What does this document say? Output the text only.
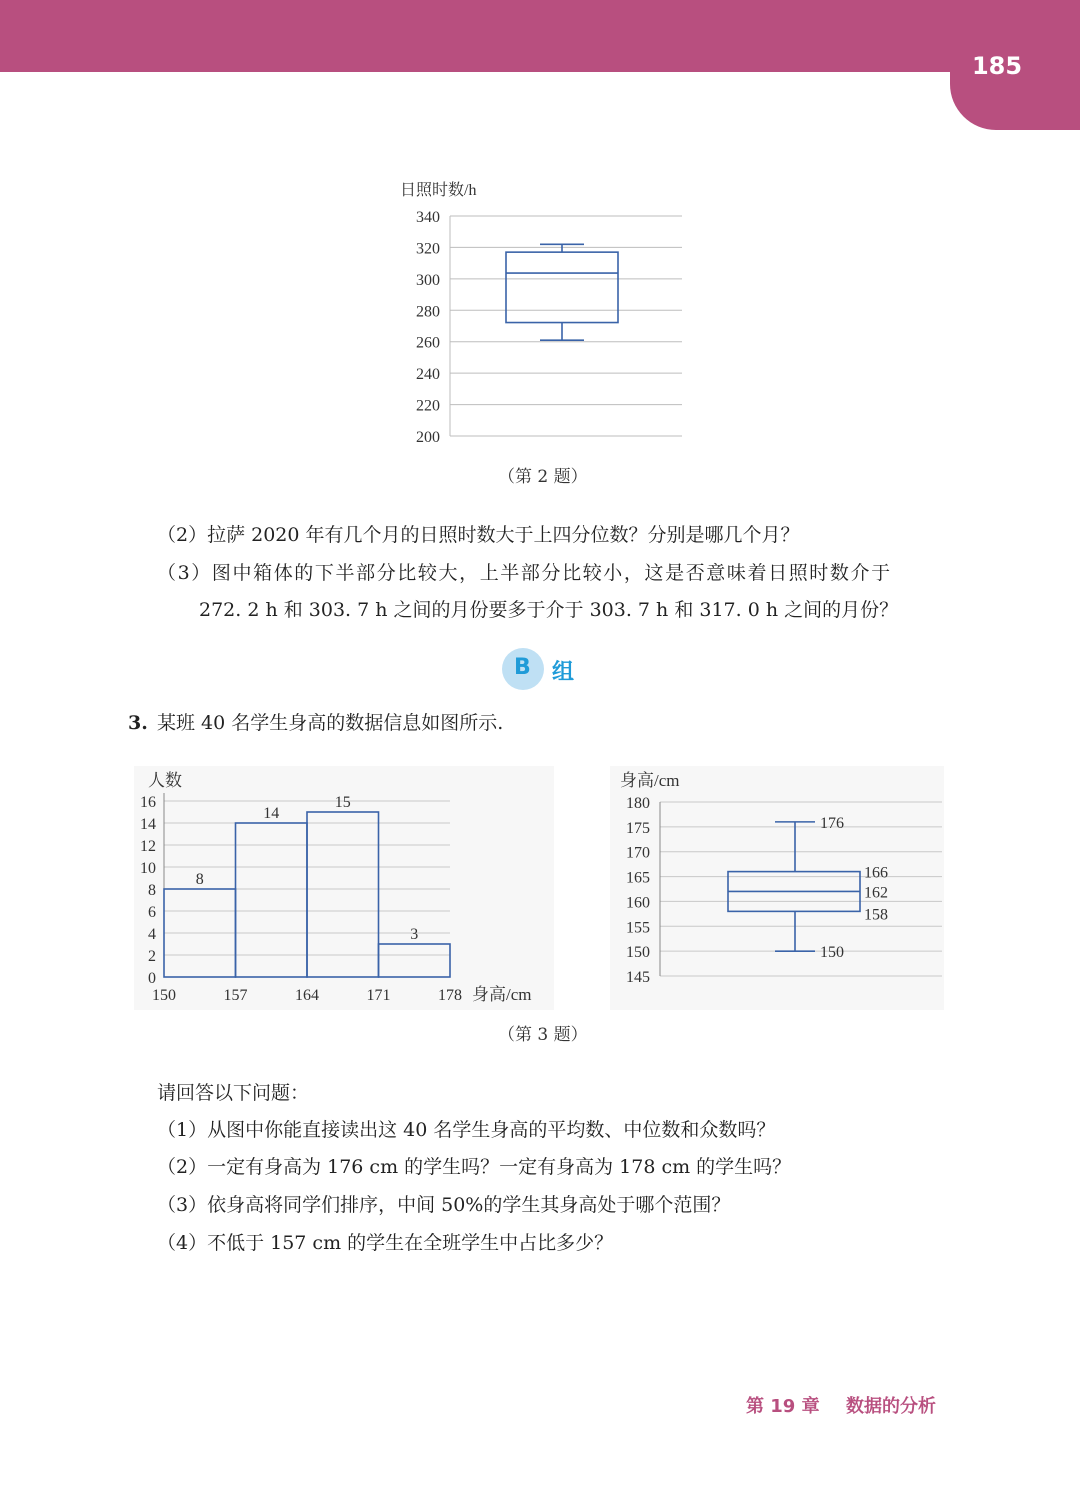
185
日照时数/h
200
220
240
260
280
300
320
340
（第 2 题）
（2）拉萨 2020 年有几个月的日照时数大于上四分位数？分别是哪几个月？
（3）图中箱体的下半部分比较大，上半部分比较小，这是否意味着日照时数介于
272. 2 h 和 303. 7 h 之间的月份要多于介于 303. 7 h 和 317. 0 h 之间的月份？
B 组
3. 某班 40 名学生身高的数据信息如图所示.
人数
身高/cm
16
14
12
10
8
6
4
2
0
8
14
15
3
150	157	164	171	178
身高/cm
145
150
155
160
165
170
175
180
176
166
162
158
150
（第 3 题）
请回答以下问题：
（1）从图中你能直接读出这 40 名学生身高的平均数、中位数和众数吗？
（2）一定有身高为 176 cm 的学生吗？一定有身高为 178 cm 的学生吗？
（3）依身高将同学们排序，中间 50%的学生其身高处于哪个范围？
（4）不低于 157 cm 的学生在全班学生中占比多少？
第 19 章 数据的分析
